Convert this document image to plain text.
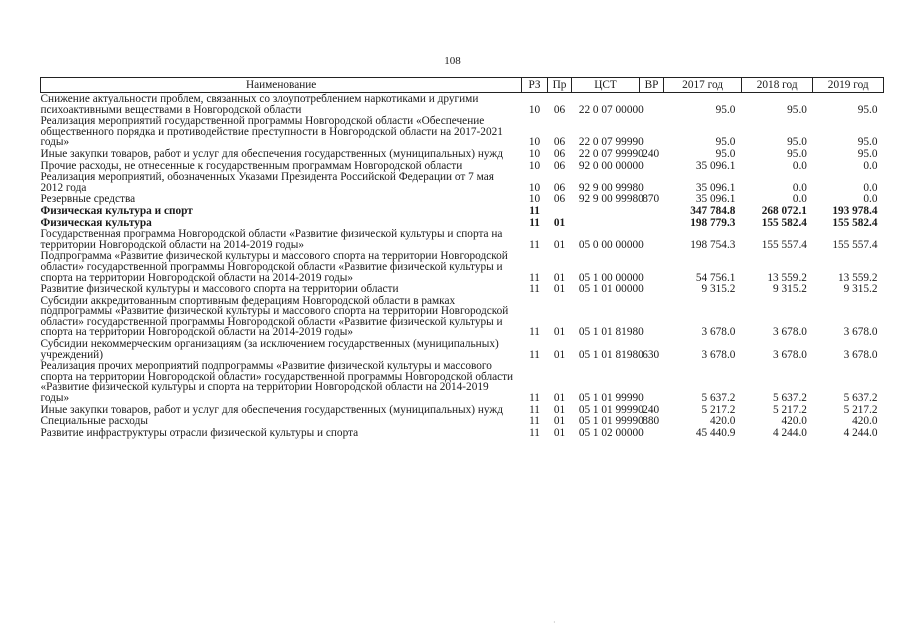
108
Наименование	РЗ	Пр	ЦСТ	ВР	2017 год	2018 год	2019 год
Снижение актуальности проблем, связанных со злоупотреблением наркотиками и другими психоактивными веществами в Новгородской области	10	06	22 0 07 00000		95.0	95.0	95.0
Реализация мероприятий государственной программы Новгородской области «Обеспечение общественного порядка и противодействие преступности в Новгородской области на 2017-2021 годы»	10	06	22 0 07 99990		95.0	95.0	95.0
Иные закупки товаров, работ и услуг для обеспечения государственных (муниципальных) нужд	10	06	22 0 07 99990	240	95.0	95.0	95.0
Прочие расходы, не отнесенные к государственным программам Новгородской области	10	06	92 0 00 00000		35 096.1	0.0	0.0
Реализация мероприятий, обозначенных Указами Президента Российской Федерации от 7 мая 2012 года	10	06	92 9 00 99980		35 096.1	0.0	0.0
Резервные средства	10	06	92 9 00 99980	870	35 096.1	0.0	0.0
Физическая культура и спорт	11				347 784.8	268 072.1	193 978.4
Физическая культура	11	01			198 779.3	155 582.4	155 582.4
Государственная программа Новгородской области «Развитие физической культуры и спорта на территории Новгородской области на 2014-2019 годы»	11	01	05 0 00 00000		198 754.3	155 557.4	155 557.4
Подпрограмма «Развитие физической культуры и массового спорта на территории Новгородской области» государственной программы Новгородской области «Развитие физической культуры и спорта на территории Новгородской области на 2014-2019 годы»	11	01	05 1 00 00000		54 756.1	13 559.2	13 559.2
Развитие физической культуры и массового спорта на территории области	11	01	05 1 01 00000		9 315.2	9 315.2	9 315.2
Субсидии аккредитованным спортивным федерациям Новгородской области в рамках подпрограммы «Развитие физической культуры и массового спорта на территории Новгородской области» государственной программы Новгородской области «Развитие физической культуры и спорта на территории Новгородской области на 2014-2019 годы»	11	01	05 1 01 81980		3 678.0	3 678.0	3 678.0
Субсидии некоммерческим организациям (за исключением государственных (муниципальных) учреждений)	11	01	05 1 01 81980	630	3 678.0	3 678.0	3 678.0
Реализация прочих мероприятий подпрограммы «Развитие физической культуры и массового спорта на территории Новгородской области» государственной программы Новгородской области «Развитие физической культуры и спорта на территории Новгородской области на 2014-2019 годы»	11	01	05 1 01 99990		5 637.2	5 637.2	5 637.2
Иные закупки товаров, работ и услуг для обеспечения государственных (муниципальных) нужд	11	01	05 1 01 99990	240	5 217.2	5 217.2	5 217.2
Специальные расходы	11	01	05 1 01 99990	880	420.0	420.0	420.0
Развитие инфраструктуры отрасли физической культуры и спорта	11	01	05 1 02 00000		45 440.9	4 244.0	4 244.0
·
